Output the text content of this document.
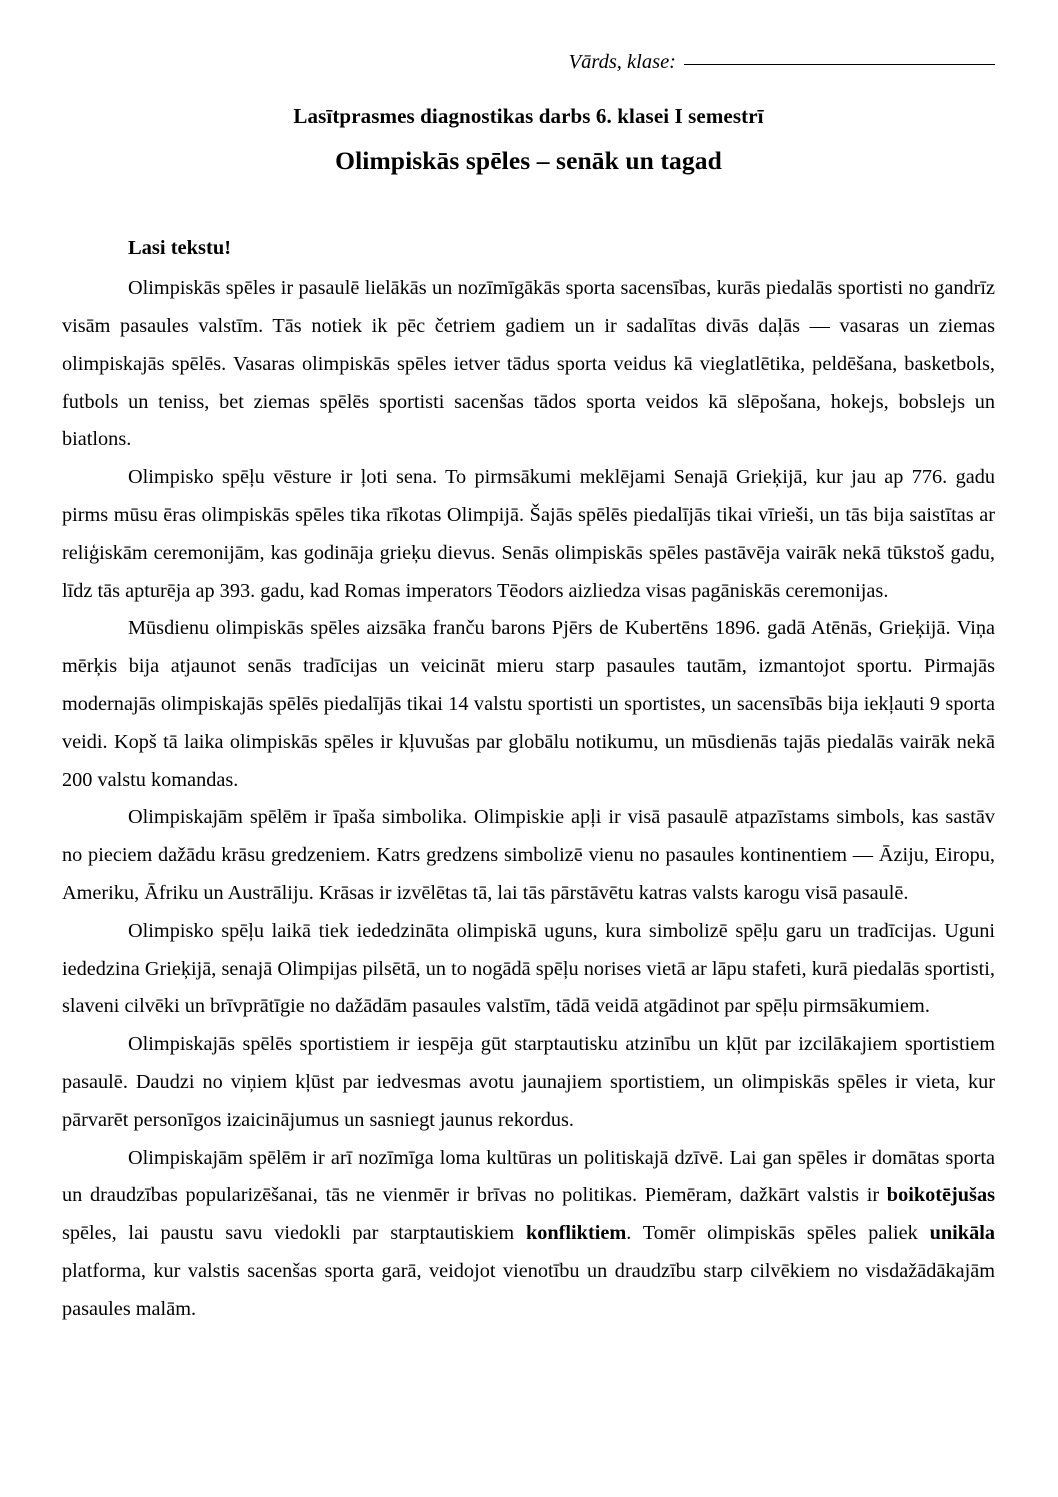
Vārds, klase:
Lasītprasmes diagnostikas darbs 6. klasei I semestrī
Olimpiskās spēles – senāk un tagad
Lasi tekstu!

Olimpiskās spēles ir pasaulē lielākās un nozīmīgākās sporta sacensības, kurās piedalās sportisti no gandrīz visām pasaules valstīm. Tās notiek ik pēc četriem gadiem un ir sadalītas divās daļās — vasaras un ziemas olimpiskajās spēlēs. Vasaras olimpiskās spēles ietver tādus sporta veidus kā vieglatlētika, peldēšana, basketbols, futbols un teniss, bet ziemas spēlēs sportisti sacenšas tādos sporta veidos kā slēpošana, hokejs, bobslejs un biatlons.

Olimpisko spēļu vēsture ir ļoti sena. To pirmsākumi meklējami Senajā Grieķijā, kur jau ap 776. gadu pirms mūsu ēras olimpiskās spēles tika rīkotas Olimpijā. Šajās spēlēs piedalījās tikai vīrieši, un tās bija saistītas ar reliģiskām ceremonijām, kas godināja grieķu dievus. Senās olimpiskās spēles pastāvēja vairāk nekā tūkstoš gadu, līdz tās apturēja ap 393. gadu, kad Romas imperators Tēodors aizliedza visas pagāniskās ceremonijas.

Mūsdienu olimpiskās spēles aizsāka franču barons Pjērs de Kubertēns 1896. gadā Atēnās, Grieķijā. Viņa mērķis bija atjaunot senās tradīcijas un veicināt mieru starp pasaules tautām, izmantojot sportu. Pirmajās modernajās olimpiskajās spēlēs piedalījās tikai 14 valstu sportisti un sportistes, un sacensībās bija iekļauti 9 sporta veidi. Kopš tā laika olimpiskās spēles ir kļuvušas par globālu notikumu, un mūsdienās tajās piedalās vairāk nekā 200 valstu komandas.

Olimpiskajām spēlēm ir īpaša simbolika. Olimpiskie apļi ir visā pasaulē atpazīstams simbols, kas sastāv no pieciem dažādu krāsu gredzeniem. Katrs gredzens simbolizē vienu no pasaules kontinentiem — Āziju, Eiropu, Ameriku, Āfriku un Austrāliju. Krāsas ir izvēlētas tā, lai tās pārstāvētu katras valsts karogu visā pasaulē.

Olimpisko spēļu laikā tiek iededzināta olimpiskā uguns, kura simbolizē spēļu garu un tradīcijas. Uguni iededzina Grieķijā, senajā Olimpijas pilsētā, un to nogādā spēļu norises vietā ar lāpu stafeti, kurā piedalās sportisti, slaveni cilvēki un brīvprātīgie no dažādām pasaules valstīm, tādā veidā atgādinot par spēļu pirmsākumiem.

Olimpiskajās spēlēs sportistiem ir iespēja gūt starptautisku atzinību un kļūt par izcilākajiem sportistiem pasaulē. Daudzi no viņiem kļūst par iedvesmas avotu jaunajiem sportistiem, un olimpiskās spēles ir vieta, kur pārvarēt personīgos izaicinājumus un sasniegt jaunus rekordus.

Olimpiskajām spēlēm ir arī nozīmīga loma kultūras un politiskajā dzīvē. Lai gan spēles ir domātas sporta un draudzības popularizēšanai, tās ne vienmēr ir brīvas no politikas. Piemēram, dažkārt valstis ir boikotējušas spēles, lai paustu savu viedokli par starptautiskiem konfliktiem. Tomēr olimpiskās spēles paliek unikāla platforma, kur valstis sacenšas sporta garā, veidojot vienotību un draudzību starp cilvēkiem no visdažādākajām pasaules malām.
